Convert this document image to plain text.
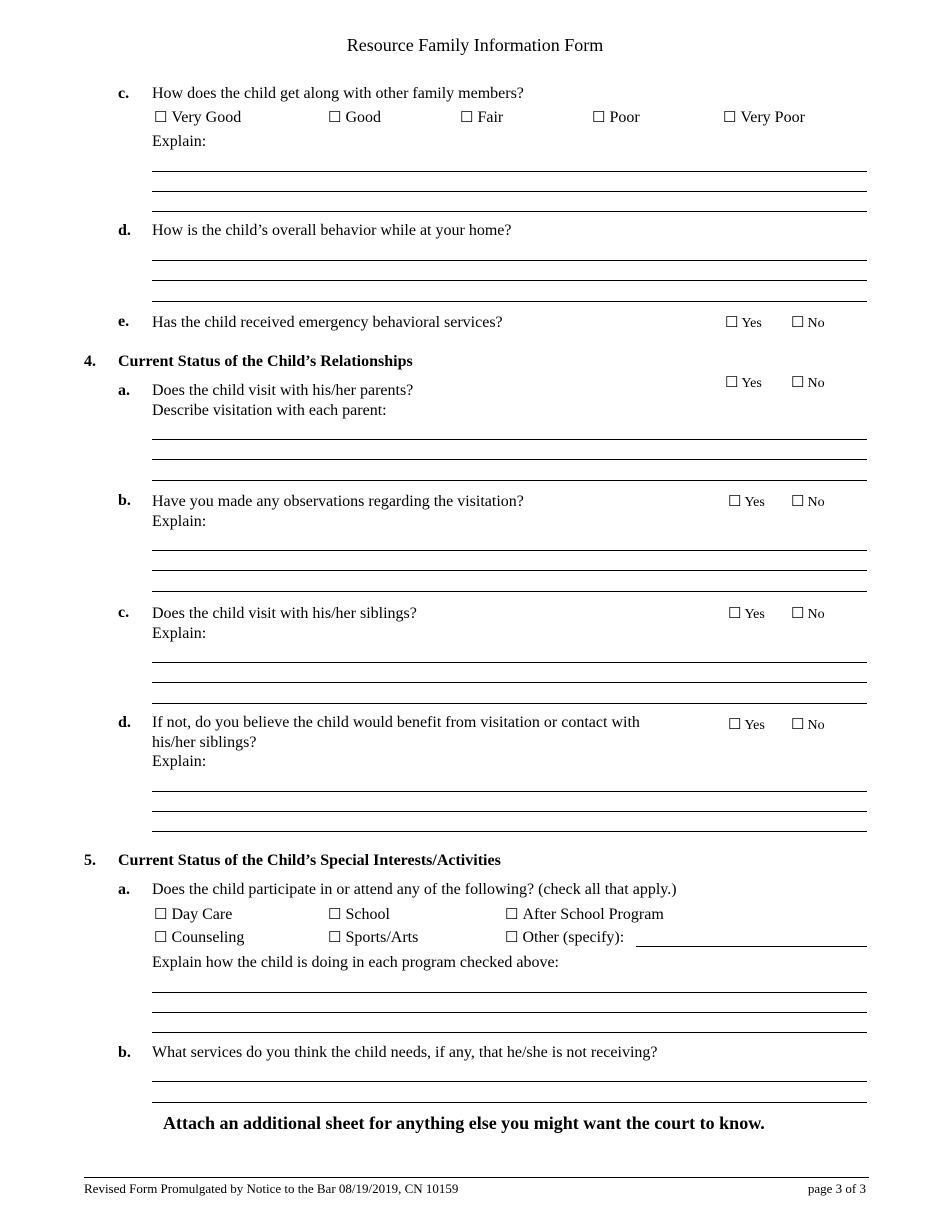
Resource Family Information Form
c. How does the child get along with other family members?
☐ Very Good	☐ Good	☐ Fair	☐ Poor	☐ Very Poor
Explain:
d. How is the child’s overall behavior while at your home?
e. Has the child received emergency behavioral services?	☐ Yes ☐ No
4. Current Status of the Child’s Relationships
a. Does the child visit with his/her parents?
Describe visitation with each parent:
☐ Yes ☐ No
b. Have you made any observations regarding the visitation?
Explain:
☐ Yes ☐ No
c. Does the child visit with his/her siblings?
Explain:
☐ Yes ☐ No
d. If not, do you believe the child would benefit from visitation or contact with
his/her siblings?
Explain:
☐ Yes ☐ No
5. Current Status of the Child’s Special Interests/Activities
a. Does the child participate in or attend any of the following? (check all that apply.)
☐ Day Care	☐ School	☐ After School Program
☐ Counseling	☐ Sports/Arts	☐ Other (specify):
Explain how the child is doing in each program checked above:
b. What services do you think the child needs, if any, that he/she is not receiving?
Attach an additional sheet for anything else you might want the court to know.
Revised Form Promulgated by Notice to the Bar 08/19/2019, CN 10159	page 3 of 3
